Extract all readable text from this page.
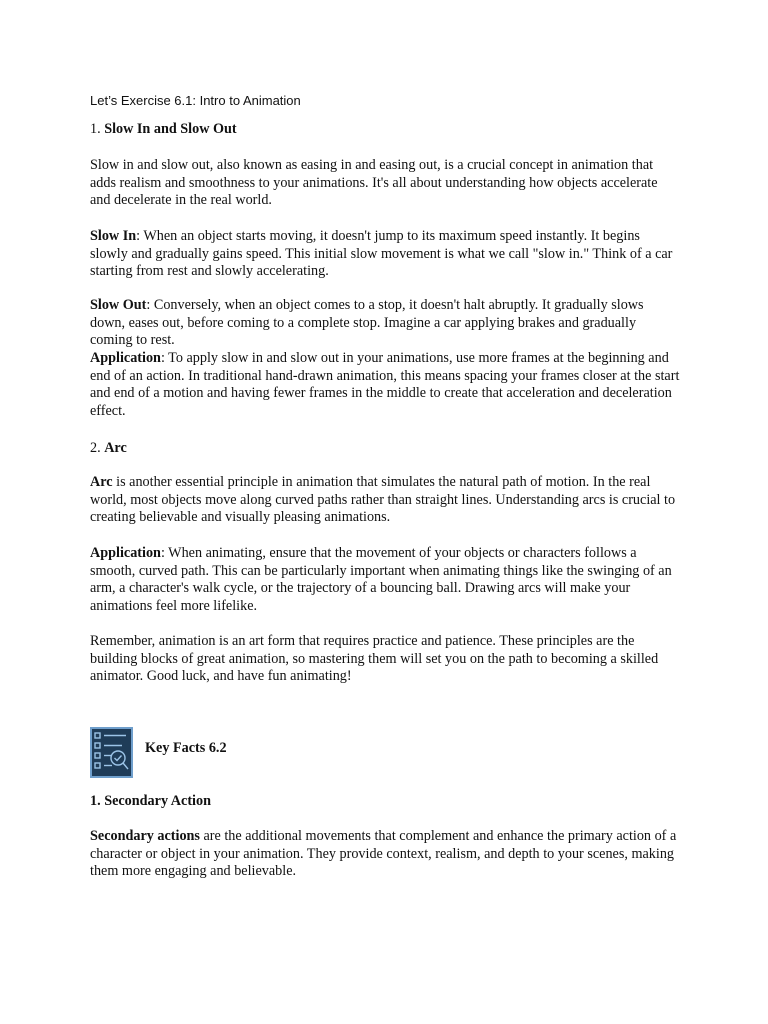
Let’s Exercise 6.1: Intro to Animation

1. Slow In and Slow Out

Slow in and slow out, also known as easing in and easing out, is a crucial concept in animation that adds realism and smoothness to your animations. It's all about understanding how objects accelerate and decelerate in the real world.

Slow In: When an object starts moving, it doesn't jump to its maximum speed instantly. It begins slowly and gradually gains speed. This initial slow movement is what we call "slow in." Think of a car starting from rest and slowly accelerating.

Slow Out: Conversely, when an object comes to a stop, it doesn't halt abruptly. It gradually slows down, eases out, before coming to a complete stop. Imagine a car applying brakes and gradually coming to rest.

Application: To apply slow in and slow out in your animations, use more frames at the beginning and end of an action. In traditional hand-drawn animation, this means spacing your frames closer at the start and end of a motion and having fewer frames in the middle to create that acceleration and deceleration effect.

2. Arc

Arc is another essential principle in animation that simulates the natural path of motion. In the real world, most objects move along curved paths rather than straight lines. Understanding arcs is crucial to creating believable and visually pleasing animations.

Application: When animating, ensure that the movement of your objects or characters follows a smooth, curved path. This can be particularly important when animating things like the swinging of an arm, a character's walk cycle, or the trajectory of a bouncing ball. Drawing arcs will make your animations feel more lifelike.

Remember, animation is an art form that requires practice and patience. These principles are the building blocks of great animation, so mastering them will set you on the path to becoming a skilled animator. Good luck, and have fun animating!

Key Facts 6.2

1. Secondary Action

Secondary actions are the additional movements that complement and enhance the primary action of a character or object in your animation. They provide context, realism, and depth to your scenes, making them more engaging and believable.
